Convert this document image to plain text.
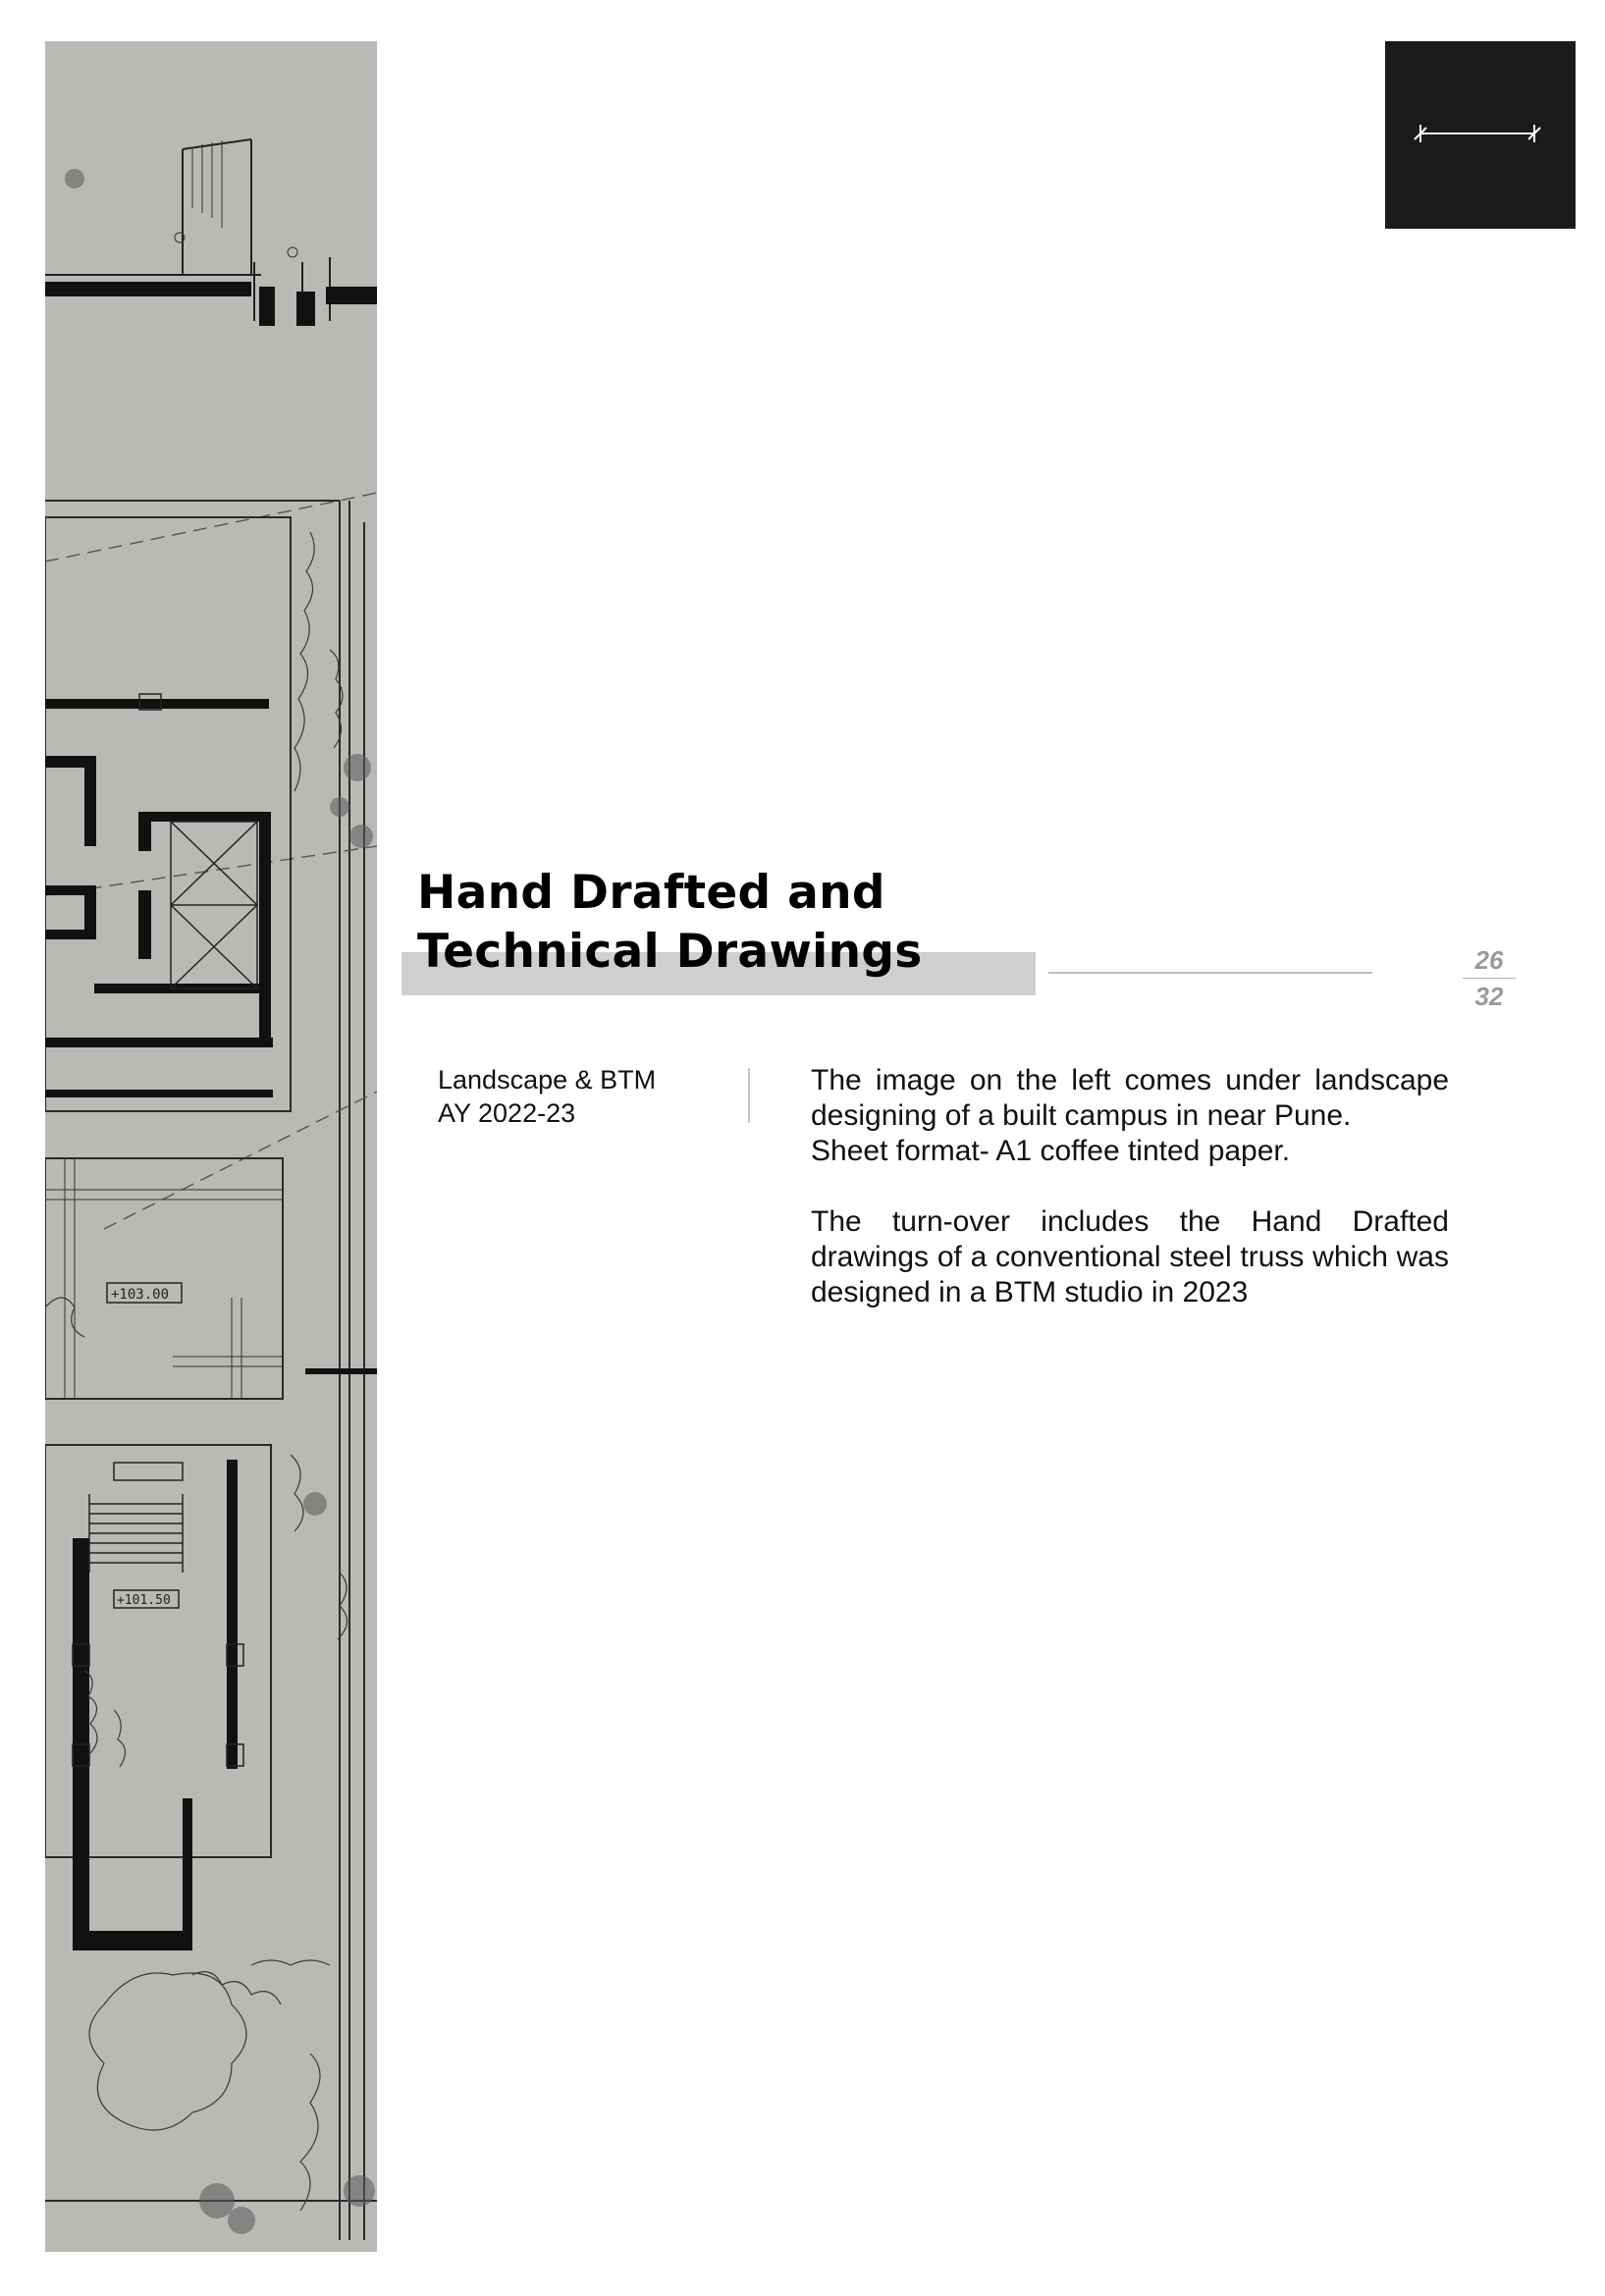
+103.00
+101.50
Hand Drafted and
Technical Drawings	26
32
Landscape & BTM
AY 2022-23

The image on the left comes under landscape
designing of a built campus in near Pune.
Sheet format- A1 coffee tinted paper.

The turn-over includes the Hand Drafted
drawings of a conventional steel truss which was
designed in a BTM studio in 2023
